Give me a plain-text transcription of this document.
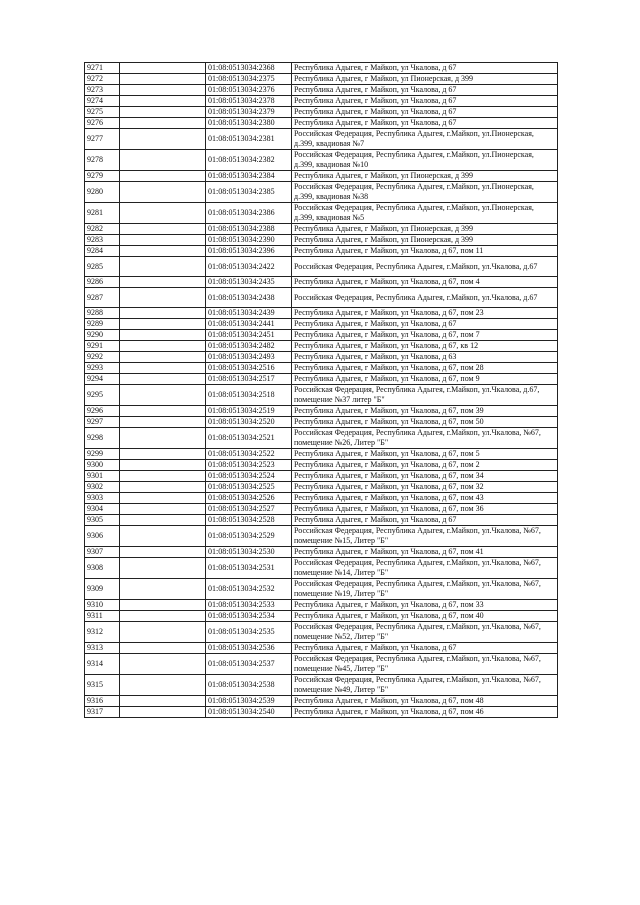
9271		01:08:0513034:2368	Республика Адыгея, г Майкоп, ул Чкалова, д 67
9272		01:08:0513034:2375	Республика Адыгея, г Майкоп, ул Пионерская, д 399
9273		01:08:0513034:2376	Республика Адыгея, г Майкоп, ул Чкалова, д 67
9274		01:08:0513034:2378	Республика Адыгея, г Майкоп, ул Чкалова, д 67
9275		01:08:0513034:2379	Республика Адыгея, г Майкоп, ул Чкалова, д 67
9276		01:08:0513034:2380	Республика Адыгея, г Майкоп, ул Чкалова, д 67
9277		01:08:0513034:2381	Российская Федерация, Республика Адыгея, г.Майкоп, ул.Пионерская, д.399, квадиовая №7
9278		01:08:0513034:2382	Российская Федерация, Республика Адыгея, г.Майкоп, ул.Пионерская, д.399, квадиовая №10
9279		01:08:0513034:2384	Республика Адыгея, г Майкоп, ул Пионерская, д 399
9280		01:08:0513034:2385	Российская Федерация, Республика Адыгея, г.Майкоп, ул.Пионерская, д.399, квадиовая №38
9281		01:08:0513034:2386	Российская Федерация, Республика Адыгея, г.Майкоп, ул.Пионерская, д.399, квадиовая №5
9282		01:08:0513034:2388	Республика Адыгея, г Майкоп, ул Пионерская, д 399
9283		01:08:0513034:2390	Республика Адыгея, г Майкоп, ул Пионерская, д 399
9284		01:08:0513034:2396	Республика Адыгея, г Майкоп, ул Чкалова, д 67, пом 11
9285		01:08:0513034:2422	Российская Федерация, Республика Адыгея, г.Майкоп, ул.Чкалова, д.67
9286		01:08:0513034:2435	Республика Адыгея, г Майкоп, ул Чкалова, д 67, пом 4
9287		01:08:0513034:2438	Российская Федерация, Республика Адыгея, г.Майкоп, ул.Чкалова, д.67
9288		01:08:0513034:2439	Республика Адыгея, г Майкоп, ул Чкалова, д 67, пом 23
9289		01:08:0513034:2441	Республика Адыгея, г Майкоп, ул Чкалова, д 67
9290		01:08:0513034:2451	Республика Адыгея, г Майкоп, ул Чкалова, д 67, пом 7
9291		01:08:0513034:2482	Республика Адыгея, г Майкоп, ул Чкалова, д 67, кв 12
9292		01:08:0513034:2493	Республика Адыгея, г Майкоп, ул Чкалова, д 63
9293		01:08:0513034:2516	Республика Адыгея, г Майкоп, ул Чкалова, д 67, пом 28
9294		01:08:0513034:2517	Республика Адыгея, г Майкоп, ул Чкалова, д 67, пом 9
9295		01:08:0513034:2518	Российская Федерация, Республика Адыгея, г.Майкоп, ул.Чкалова, д.67, помещение №37 литер "Б"
9296		01:08:0513034:2519	Республика Адыгея, г Майкоп, ул Чкалова, д 67, пом 39
9297		01:08:0513034:2520	Республика Адыгея, г Майкоп, ул Чкалова, д 67, пом 50
9298		01:08:0513034:2521	Российская Федерация, Республика Адыгея, г.Майкоп, ул.Чкалова, №67, помещение №26, Литер "Б"
9299		01:08:0513034:2522	Республика Адыгея, г Майкоп, ул Чкалова, д 67, пом 5
9300		01:08:0513034:2523	Республика Адыгея, г Майкоп, ул Чкалова, д 67, пом 2
9301		01:08:0513034:2524	Республика Адыгея, г Майкоп, ул Чкалова, д 67, пом 34
9302		01:08:0513034:2525	Республика Адыгея, г Майкоп, ул Чкалова, д 67, пом 32
9303		01:08:0513034:2526	Республика Адыгея, г Майкоп, ул Чкалова, д 67, пом 43
9304		01:08:0513034:2527	Республика Адыгея, г Майкоп, ул Чкалова, д 67, пом 36
9305		01:08:0513034:2528	Республика Адыгея, г Майкоп, ул Чкалова, д 67
9306		01:08:0513034:2529	Российская Федерация, Республика Адыгея, г.Майкоп, ул.Чкалова, №67, помещение №15, Литер "Б"
9307		01:08:0513034:2530	Республика Адыгея, г Майкоп, ул Чкалова, д 67, пом 41
9308		01:08:0513034:2531	Российская Федерация, Республика Адыгея, г.Майкоп, ул.Чкалова, №67, помещение №14, Литер "Б"
9309		01:08:0513034:2532	Российская Федерация, Республика Адыгея, г.Майкоп, ул.Чкалова, №67, помещение №19, Литер "Б"
9310		01:08:0513034:2533	Республика Адыгея, г Майкоп, ул Чкалова, д 67, пом 33
9311		01:08:0513034:2534	Республика Адыгея, г Майкоп, ул Чкалова, д 67, пом 40
9312		01:08:0513034:2535	Российская Федерация, Республика Адыгея, г.Майкоп, ул.Чкалова, №67, помещение №52, Литер "Б"
9313		01:08:0513034:2536	Республика Адыгея, г Майкоп, ул Чкалова, д 67
9314		01:08:0513034:2537	Российская Федерация, Республика Адыгея, г.Майкоп, ул.Чкалова, №67, помещение №45, Литер "Б"
9315		01:08:0513034:2538	Российская Федерация, Республика Адыгея, г.Майкоп, ул.Чкалова, №67, помещение №49, Литер "Б"
9316		01:08:0513034:2539	Республика Адыгея, г Майкоп, ул Чкалова, д 67, пом 48
9317		01:08:0513034:2540	Республика Адыгея, г Майкоп, ул Чкалова, д 67, пом 46
